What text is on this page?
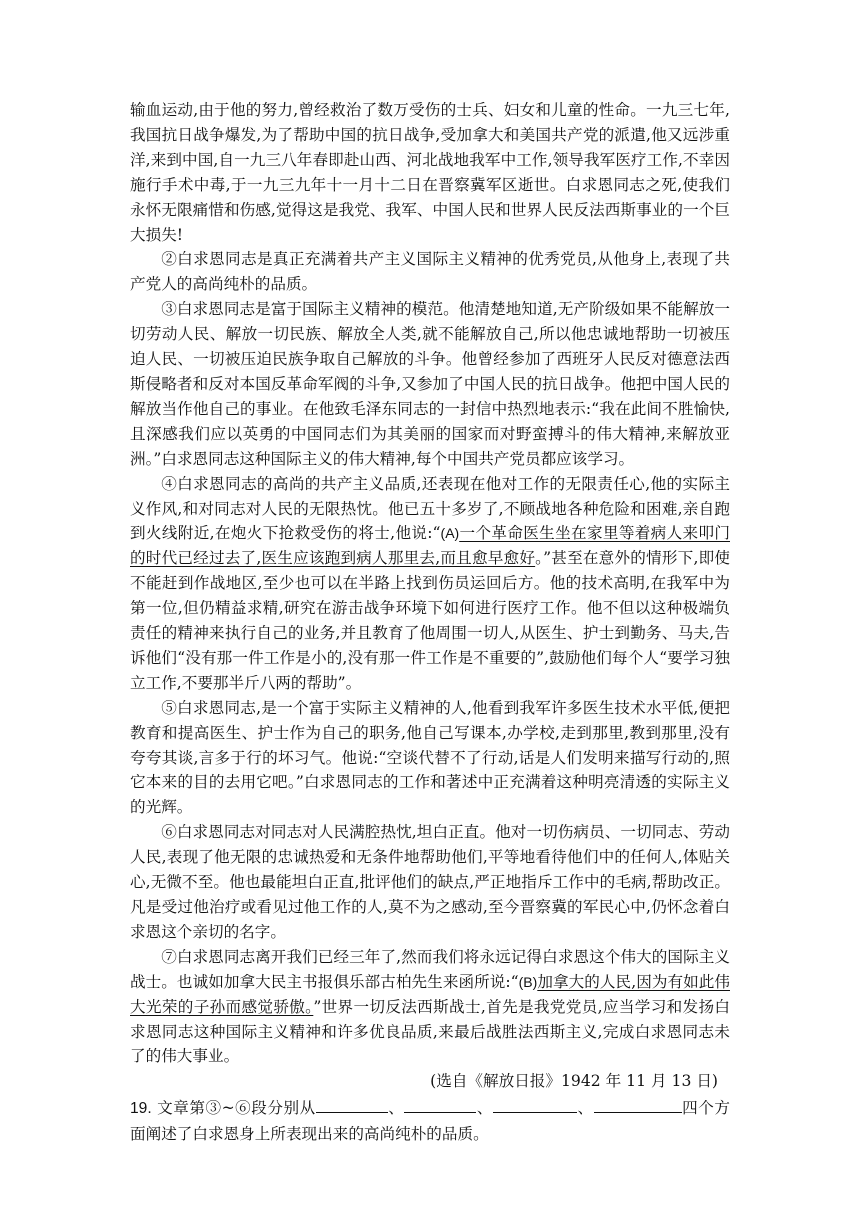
输血运动,由于他的努力,曾经救治了数万受伤的士兵、妇女和儿童的性命。一九三七年,我国抗日战争爆发,为了帮助中国的抗日战争,受加拿大和美国共产党的派遣,他又远涉重洋,来到中国,自一九三八年春即赴山西、河北战地我军中工作,领导我军医疗工作,不幸因施行手术中毒,于一九三九年十一月十二日在晋察冀军区逝世。白求恩同志之死,使我们永怀无限痛惜和伤感,觉得这是我党、我军、中国人民和世界人民反法西斯事业的一个巨大损失!

②白求恩同志是真正充满着共产主义国际主义精神的优秀党员,从他身上,表现了共产党人的高尚纯朴的品质。

③白求恩同志是富于国际主义精神的模范。他清楚地知道,无产阶级如果不能解放一切劳动人民、解放一切民族、解放全人类,就不能解放自己,所以他忠诚地帮助一切被压迫人民、一切被压迫民族争取自己解放的斗争。他曾经参加了西班牙人民反对德意法西斯侵略者和反对本国反革命军阀的斗争,又参加了中国人民的抗日战争。他把中国人民的解放当作他自己的事业。在他致毛泽东同志的一封信中热烈地表示:“我在此间不胜愉快,且深感我们应以英勇的中国同志们为其美丽的国家而对野蛮搏斗的伟大精神,来解放亚洲。”白求恩同志这种国际主义的伟大精神,每个中国共产党员都应该学习。

④白求恩同志的高尚的共产主义品质,还表现在他对工作的无限责任心,他的实际主义作风,和对同志对人民的无限热忱。他已五十多岁了,不顾战地各种危险和困难,亲自跑到火线附近,在炮火下抢救受伤的将士,他说:“(A)一个革命医生坐在家里等着病人来叩门的时代已经过去了,医生应该跑到病人那里去,而且愈早愈好。”甚至在意外的情形下,即使不能赶到作战地区,至少也可以在半路上找到伤员运回后方。他的技术高明,在我军中为第一位,但仍精益求精,研究在游击战争环境下如何进行医疗工作。他不但以这种极端负责任的精神来执行自己的业务,并且教育了他周围一切人,从医生、护士到勤务、马夫,告诉他们“没有那一件工作是小的,没有那一件工作是不重要的”,鼓励他们每个人“要学习独立工作,不要那半斤八两的帮助”。

⑤白求恩同志,是一个富于实际主义精神的人,他看到我军许多医生技术水平低,便把教育和提高医生、护士作为自己的职务,他自己写课本,办学校,走到那里,教到那里,没有夸夸其谈,言多于行的坏习气。他说:“空谈代替不了行动,话是人们发明来描写行动的,照它本来的目的去用它吧。”白求恩同志的工作和著述中正充满着这种明亮清透的实际主义的光辉。

⑥白求恩同志对同志对人民满腔热忱,坦白正直。他对一切伤病员、一切同志、劳动人民,表现了他无限的忠诚热爱和无条件地帮助他们,平等地看待他们中的任何人,体贴关心,无微不至。他也最能坦白正直,批评他们的缺点,严正地指斥工作中的毛病,帮助改正。凡是受过他治疗或看见过他工作的人,莫不为之感动,至今晋察冀的军民心中,仍怀念着白求恩这个亲切的名字。

⑦白求恩同志离开我们已经三年了,然而我们将永远记得白求恩这个伟大的国际主义战士。也诚如加拿大民主书报俱乐部古柏先生来函所说:“(B)加拿大的人民,因为有如此伟大光荣的子孙而感觉骄傲。”世界一切反法西斯战士,首先是我党党员,应当学习和发扬白求恩同志这种国际主义精神和许多优良品质,来最后战胜法西斯主义,完成白求恩同志未了的伟大事业。

(选自《解放日报》1942 年 11 月 13 日)

19. 文章第③~⑥段分别从	、	、	、	四个方面阐述了白求恩身上所表现出来的高尚纯朴的品质。
